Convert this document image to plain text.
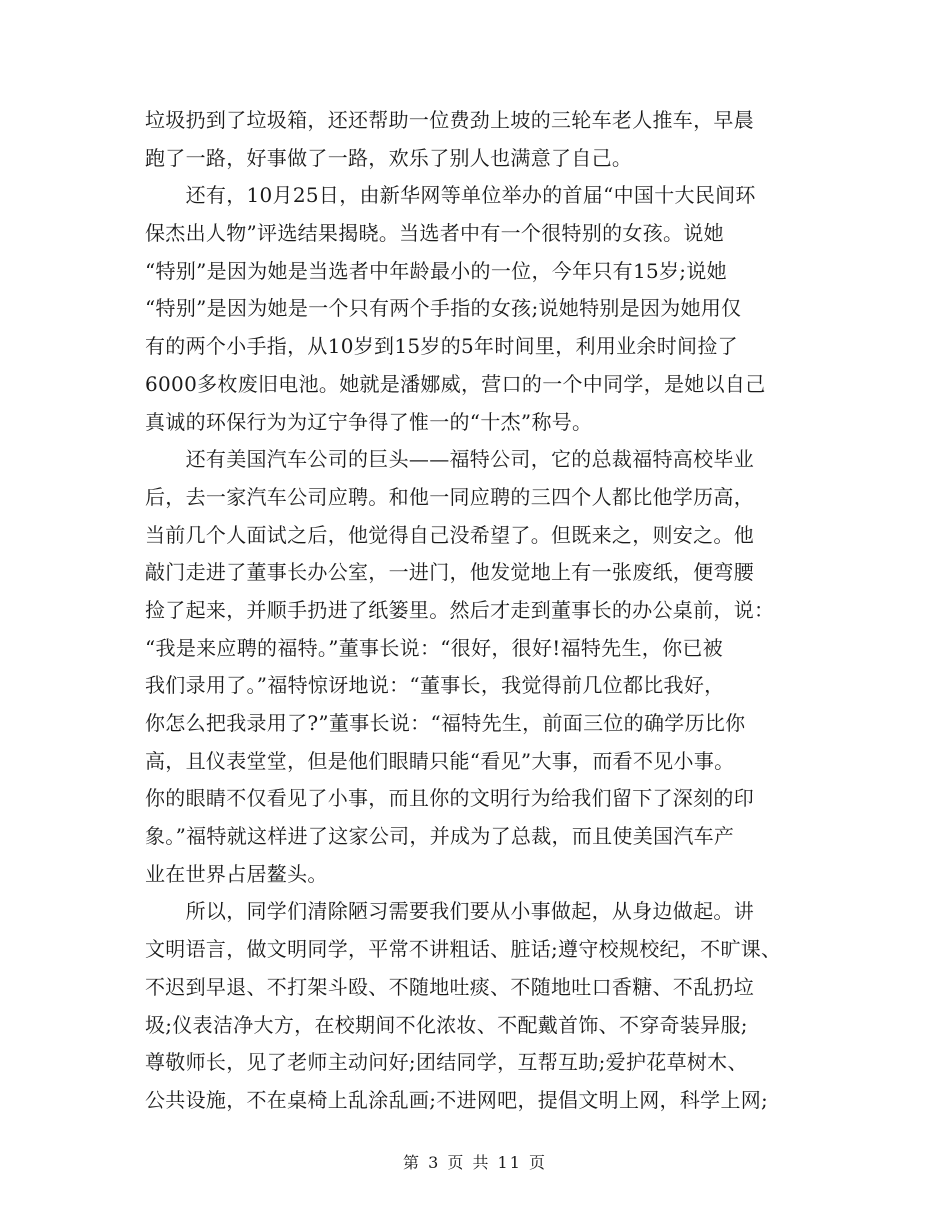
垃圾扔到了垃圾箱，还还帮助一位费劲上坡的三轮车老人推车，早晨
跑了一路，好事做了一路，欢乐了别人也满意了自己。
　　还有，10月25日，由新华网等单位举办的首届“中国十大民间环
保杰出人物”评选结果揭晓。当选者中有一个很特别的女孩。说她
“特别”是因为她是当选者中年龄最小的一位，今年只有15岁;说她
“特别”是因为她是一个只有两个手指的女孩;说她特别是因为她用仅
有的两个小手指，从10岁到15岁的5年时间里，利用业余时间捡了
6000多枚废旧电池。她就是潘娜威，营口的一个中同学，是她以自己
真诚的环保行为为辽宁争得了惟一的“十杰”称号。
　　还有美国汽车公司的巨头——福特公司，它的总裁福特高校毕业
后，去一家汽车公司应聘。和他一同应聘的三四个人都比他学历高，
当前几个人面试之后，他觉得自己没希望了。但既来之，则安之。他
敲门走进了董事长办公室，一进门，他发觉地上有一张废纸，便弯腰
捡了起来，并顺手扔进了纸篓里。然后才走到董事长的办公桌前，说：
“我是来应聘的福特。”董事长说：“很好，很好!福特先生，你已被
我们录用了。”福特惊讶地说：“董事长，我觉得前几位都比我好，
你怎么把我录用了?”董事长说：“福特先生，前面三位的确学历比你
高，且仪表堂堂，但是他们眼睛只能“看见”大事，而看不见小事。
你的眼睛不仅看见了小事，而且你的文明行为给我们留下了深刻的印
象。”福特就这样进了这家公司，并成为了总裁，而且使美国汽车产
业在世界占居鳌头。
　　所以，同学们清除陋习需要我们要从小事做起，从身边做起。讲
文明语言，做文明同学，平常不讲粗话、脏话;遵守校规校纪，不旷课、
不迟到早退、不打架斗殴、不随地吐痰、不随地吐口香糖、不乱扔垃
圾;仪表洁净大方，在校期间不化浓妆、不配戴首饰、不穿奇装异服;
尊敬师长，见了老师主动问好;团结同学，互帮互助;爱护花草树木、
公共设施，不在桌椅上乱涂乱画;不进网吧，提倡文明上网，科学上网;
第 3 页 共 11 页
